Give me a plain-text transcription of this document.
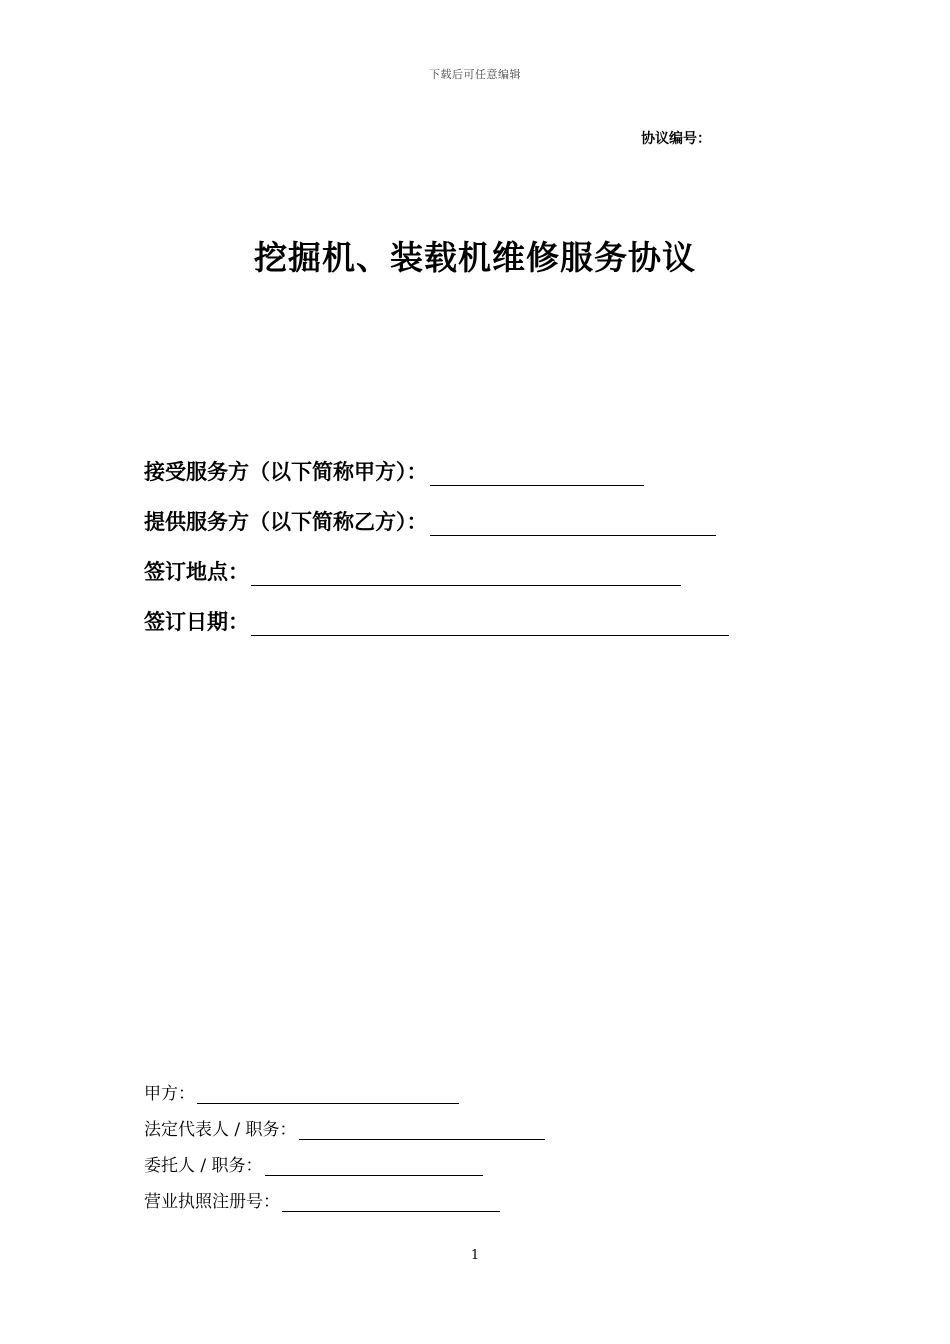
下载后可任意编辑
协议编号：
挖掘机、装载机维修服务协议
接受服务方（以下简称甲方）：
提供服务方（以下简称乙方）：
签订地点：
签订日期：
甲方：
法定代表人 / 职务：
委托人 / 职务：
营业执照注册号：
1
